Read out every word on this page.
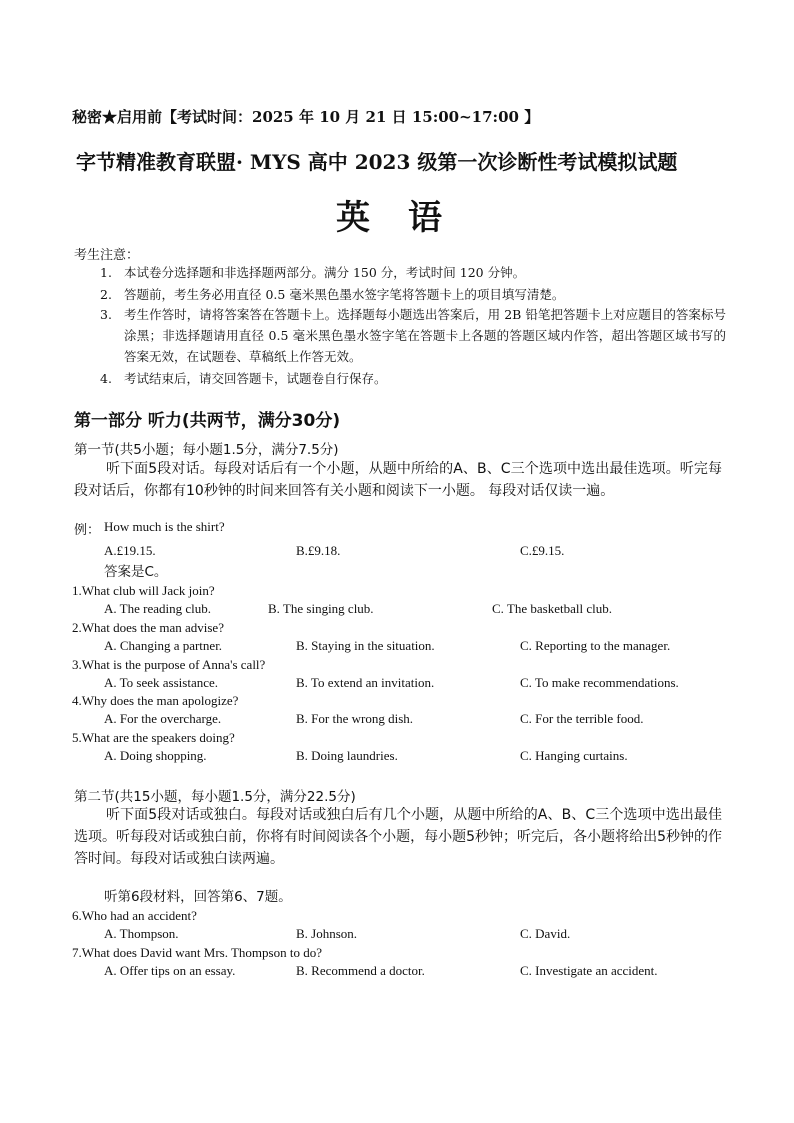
秘密★启用前【考试时间：2025 年 10 月 21 日 15:00~17:00 】
字节精准教育联盟· MYS 高中 2023 级第一次诊断性考试模拟试题
英语
考生注意：
1. 本试卷分选择题和非选择题两部分。满分 150 分，考试时间 120 分钟。
2. 答题前，考生务必用直径 0.5 毫米黑色墨水签字笔将答题卡上的项目填写清楚。
3. 考生作答时，请将答案答在答题卡上。选择题每小题选出答案后，用 2B 铅笔把答题卡上对应题目的答案标号涂黑；非选择题请用直径 0.5 毫米黑色墨水签字笔在答题卡上各题的答题区域内作答，超出答题区域书写的答案无效，在试题卷、草稿纸上作答无效。
4. 考试结束后，请交回答题卡，试题卷自行保存。
第一部分 听力(共两节，满分30分)
第一节(共5小题；每小题1.5分，满分7.5分)
听下面5段对话。每段对话后有一个小题，从题中所给的A、B、C三个选项中选出最佳选项。听完每段对话后，你都有10秒钟的时间来回答有关小题和阅读下一小题。 每段对话仅读一遍。
例： How much is the shirt?
A.£19.15.	B.£9.18.	C.£9.15.
答案是C。
1.What club will Jack join?
A. The reading club.	B. The singing club.	C. The basketball club.
2.What does the man advise?
A. Changing a partner.	B. Staying in the situation.	C. Reporting to the manager.
3.What is the purpose of Anna's call?
A. To seek assistance.	B. To extend an invitation.	C. To make recommendations.
4.Why does the man apologize?
A. For the overcharge.	B. For the wrong dish.	C. For the terrible food.
5.What are the speakers doing?
A. Doing shopping.	B. Doing laundries.	C. Hanging curtains.
第二节(共15小题，每小题1.5分，满分22.5分)
听下面5段对话或独白。每段对话或独白后有几个小题，从题中所给的A、B、C三个选项中选出最佳选项。听每段对话或独白前，你将有时间阅读各个小题，每小题5秒钟；听完后，各小题将给出5秒钟的作答时间。每段对话或独白读两遍。
听第6段材料，回答第6、7题。
6.Who had an accident?
A. Thompson.	B. Johnson.	C. David.
7.What does David want Mrs. Thompson to do?
A. Offer tips on an essay.	B. Recommend a doctor.	C. Investigate an accident.
